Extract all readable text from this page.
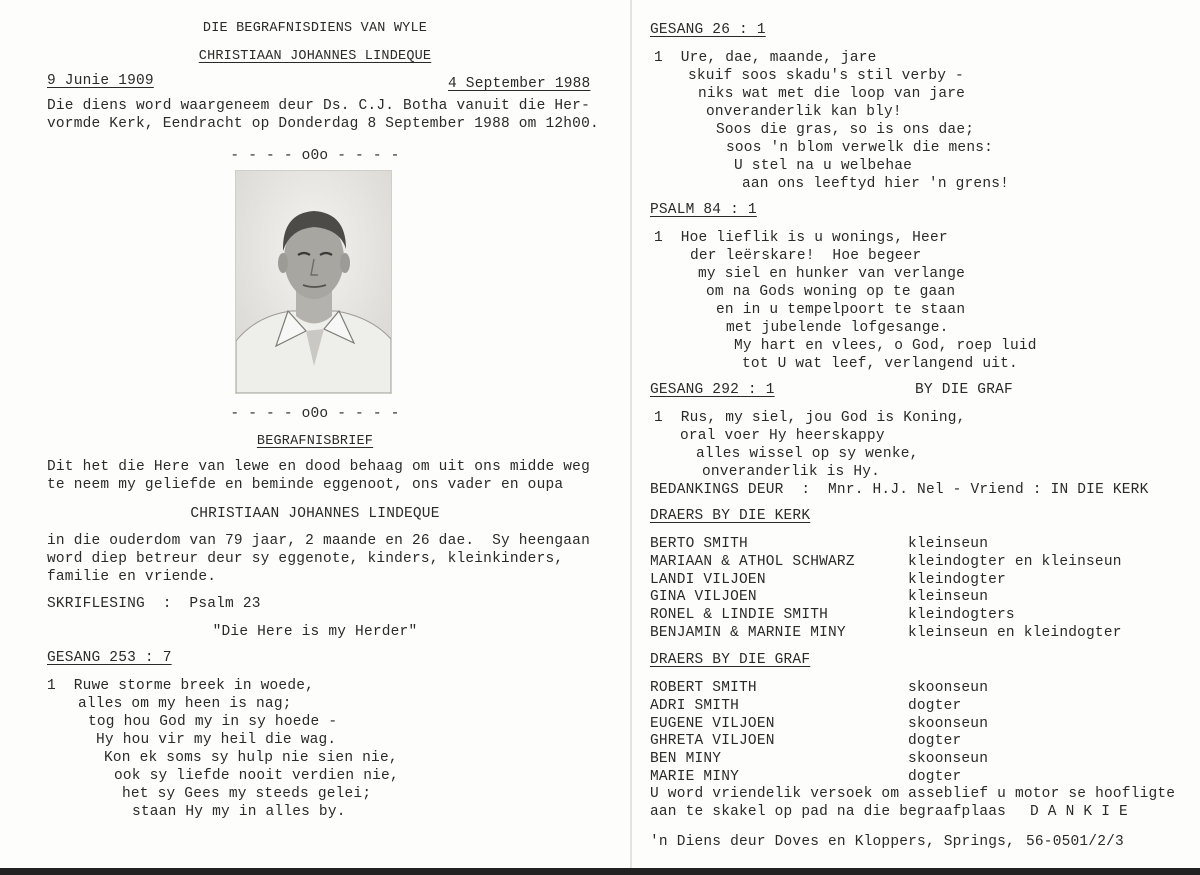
DIE BEGRAFNISDIENS VAN WYLE
CHRISTIAAN JOHANNES LINDEQUE
9 Junie 1909	4 September 1988
Die diens word waargeneem deur Ds. C.J. Botha vanuit die Her-
vormde Kerk, Eendracht op Donderdag 8 September 1988 om 12h00.
- - - - o0o - - - -
- - - - o0o - - - -
BEGRAFNISBRIEF
Dit het die Here van lewe en dood behaag om uit ons midde weg
te neem my geliefde en beminde eggenoot, ons vader en oupa
CHRISTIAAN JOHANNES LINDEQUE
in die ouderdom van 79 jaar, 2 maande en 26 dae.  Sy heengaan
word diep betreur deur sy eggenote, kinders, kleinkinders,
familie en vriende.
SKRIFLESING  :  Psalm 23
"Die Here is my Herder"
GESANG 253 : 7
1  Ruwe storme breek in woede,
alles om my heen is nag;
tog hou God my in sy hoede -
Hy hou vir my heil die wag.
Kon ek soms sy hulp nie sien nie,
ook sy liefde nooit verdien nie,
het sy Gees my steeds gelei;
staan Hy my in alles by.
GESANG 26 : 1
1  Ure, dae, maande, jare
skuif soos skadu's stil verby -
niks wat met die loop van jare
onveranderlik kan bly!
Soos die gras, so is ons dae;
soos 'n blom verwelk die mens:
U stel na u welbehae
aan ons leeftyd hier 'n grens!
PSALM 84 : 1
1  Hoe lieflik is u wonings, Heer
der leërskare!  Hoe begeer
my siel en hunker van verlange
om na Gods woning op te gaan
en in u tempelpoort te staan
met jubelende lofgesange.
My hart en vlees, o God, roep luid
tot U wat leef, verlangend uit.
GESANG 292 : 1	BY DIE GRAF
1  Rus, my siel, jou God is Koning,
oral voer Hy heerskappy
alles wissel op sy wenke,
onveranderlik is Hy.
BEDANKINGS DEUR  :  Mnr. H.J. Nel - Vriend : IN DIE KERK
DRAERS BY DIE KERK
BERTO SMITH	kleinseun
MARIAAN & ATHOL SCHWARZ	kleindogter en kleinseun
LANDI VILJOEN	kleindogter
GINA VILJOEN	kleinseun
RONEL & LINDIE SMITH	kleindogters
BENJAMIN & MARNIE MINY	kleinseun en kleindogter
DRAERS BY DIE GRAF
ROBERT SMITH	skoonseun
ADRI SMITH	dogter
EUGENE VILJOEN	skoonseun
GHRETA VILJOEN	dogter
BEN MINY	skoonseun
MARIE MINY	dogter
U word vriendelik versoek om asseblief u motor se hoofligte
aan te skakel op pad na die begraafplaas D A N K I E
'n Diens deur Doves en Kloppers, Springs, 56-0501/2/3
